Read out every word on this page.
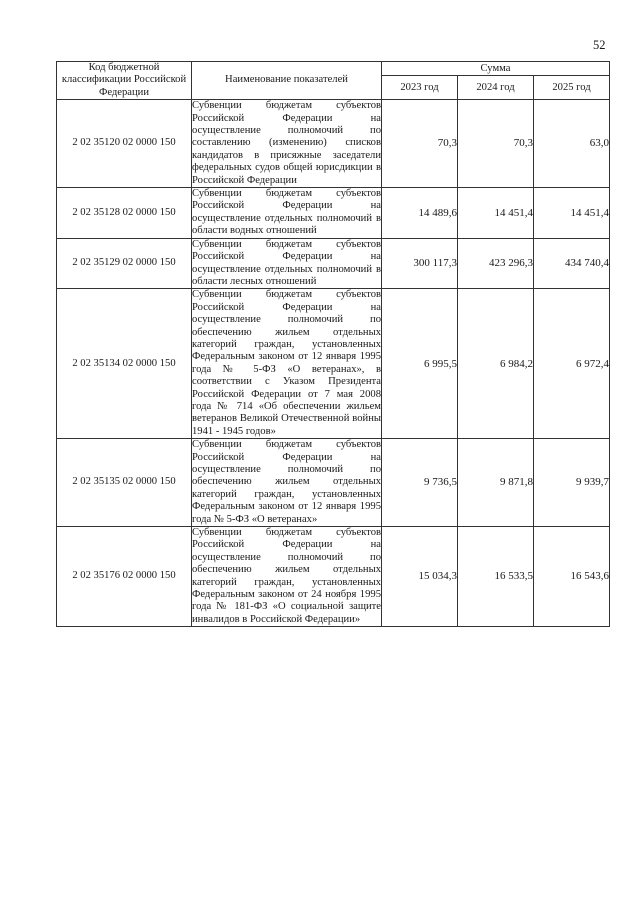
52
Код бюджетной классификации Российской Федерации	Наименование показателей	Сумма		
		2023 год	2024 год	2025 год
2 02 35120 02 0000 150	Субвенции бюджетам субъектов Российской Федерации на осуществление полномочий по составлению (изменению) списков кандидатов в присяжные заседатели федеральных судов общей юрисдикции в Российской Федерации	70,3	70,3	63,0
2 02 35128 02 0000 150	Субвенции бюджетам субъектов Российской Федерации на осуществление отдельных полномочий в области водных отношений	14 489,6	14 451,4	14 451,4
2 02 35129 02 0000 150	Субвенции бюджетам субъектов Российской Федерации на осуществление отдельных полномочий в области лесных отношений	300 117,3	423 296,3	434 740,4
2 02 35134 02 0000 150	Субвенции бюджетам субъектов Российской Федерации на осуществление полномочий по обеспечению жильем отдельных категорий граждан, установленных Федеральным законом от 12 января 1995 года № 5-ФЗ «О ветеранах», в соответствии с Указом Президента Российской Федерации от 7 мая 2008 года № 714 «Об обеспечении жильем ветеранов Великой Отечественной войны 1941 - 1945 годов»	6 995,5	6 984,2	6 972,4
2 02 35135 02 0000 150	Субвенции бюджетам субъектов Российской Федерации на осуществление полномочий по обеспечению жильем отдельных категорий граждан, установленных Федеральным законом от 12 января 1995 года № 5-ФЗ «О ветеранах»	9 736,5	9 871,8	9 939,7
2 02 35176 02 0000 150	Субвенции бюджетам субъектов Российской Федерации на осуществление полномочий по обеспечению жильем отдельных категорий граждан, установленных Федеральным законом от 24 ноября 1995 года № 181-ФЗ «О социальной защите инвалидов в Российской Федерации»	15 034,3	16 533,5	16 543,6
